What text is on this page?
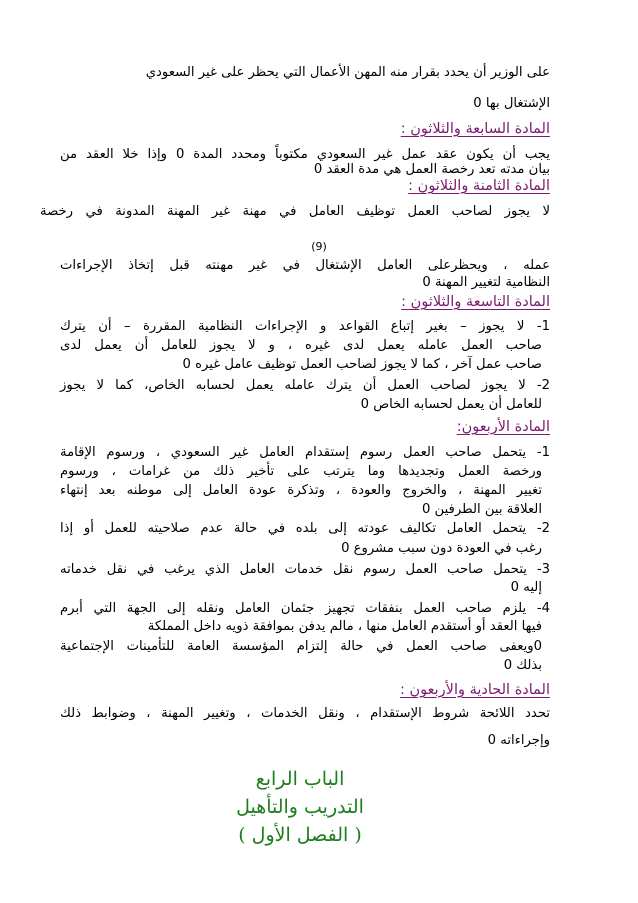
على الوزير أن يحدد بقرار منه المهن الأعمال التي يحظر على غير السعودي
الإشتغال بها 0
المادة السابعة والثلاثون :
يجب أن يكون عقد عمل غير السعودي مكتوباً ومحدد المدة 0 وإذا خلا العقد من
بيان مدته تعد رخصة العمل هي مدة العقد 0
المادة الثامنة والثلاثون :
لا يجوز لصاحب العمل توظيف العامل في مهنة غير المهنة المدونة في رخصة
(9)
عمله ، ويحظرعلى العامل الإشتغال في غير مهنته قبل إتخاذ الإجراءات
النظامية لتغيير المهنة 0
المادة التاسعة والثلاثون :
1- لا يجوز – بغير إتباع القواعد و الإجراءات النظامية المقررة – أن يترك
صاحب العمل عامله يعمل لدى غيره ، و لا يجوز للعامل أن يعمل لدى
صاحب عمل آخر ، كما لا يجوز لصاحب العمل توظيف عامل غيره 0
2- لا يجوز لصاحب العمل أن يترك عامله يعمل لحسابه الخاص، كما لا يجوز
للعامل أن يعمل لحسابه الخاص 0
المادة الأربعون:
1- يتحمل صاحب العمل رسوم إستقدام العامل غير السعودي ، ورسوم الإقامة
ورخصة العمل وتجديدها وما يترتب على تأخير ذلك من غرامات ، ورسوم
تغيير المهنة ، والخروج والعودة ، وتذكرة عودة العامل إلى موطنه بعد إنتهاء
العلاقة بين الطرفين 0
2- يتحمل العامل تكاليف عودته إلى بلده في حالة عدم صلاحيته للعمل أو إذا
رغب في العودة دون سبب مشروع 0
3- يتحمل صاحب العمل رسوم نقل خدمات العامل الذي يرغب في نقل خدماته
إليه 0
4- يلزم صاحب العمل بنفقات تجهيز جثمان العامل ونقله إلى الجهة التي أبرم
فيها العقد أو أستقدم العامل منها ، مالم يدفن بموافقة ذويه داخل المملكة
0ويعفى صاحب العمل في حالة إلتزام المؤسسة العامة للتأمينات الإجتماعية
بذلك 0
المادة الحادية والأربعون :
تحدد اللائحة شروط الإستقدام ، ونقل الخدمات ، وتغيير المهنة ، وضوابط ذلك
وإجراءاته 0
الباب الرابع
التدريب والتأهيل
( الفصل الأول )
